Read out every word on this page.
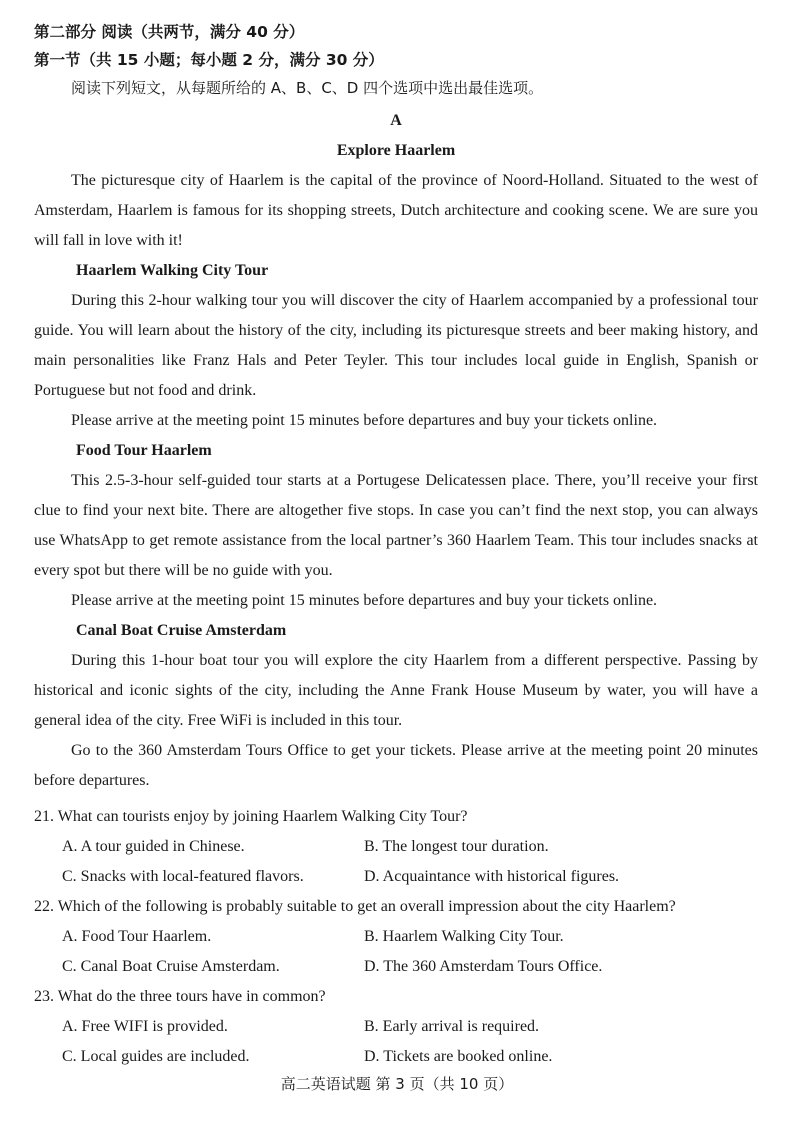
第二部分 阅读（共两节，满分 40 分）
第一节（共 15 小题；每小题 2 分，满分 30 分）
阅读下列短文，从每题所给的 A、B、C、D 四个选项中选出最佳选项。
A
Explore Haarlem

The picturesque city of Haarlem is the capital of the province of Noord-Holland. Situated to the west of Amsterdam, Haarlem is famous for its shopping streets, Dutch architecture and cooking scene. We are sure you will fall in love with it!

Haarlem Walking City Tour

During this 2-hour walking tour you will discover the city of Haarlem accompanied by a professional tour guide. You will learn about the history of the city, including its picturesque streets and beer making history, and main personalities like Franz Hals and Peter Teyler. This tour includes local guide in English, Spanish or Portuguese but not food and drink.

Please arrive at the meeting point 15 minutes before departures and buy your tickets online.

Food Tour Haarlem

This 2.5-3-hour self-guided tour starts at a Portugese Delicatessen place. There, you’ll receive your first clue to find your next bite. There are altogether five stops. In case you can’t find the next stop, you can always use WhatsApp to get remote assistance from the local partner’s 360 Haarlem Team. This tour includes snacks at every spot but there will be no guide with you.

Please arrive at the meeting point 15 minutes before departures and buy your tickets online.

Canal Boat Cruise Amsterdam

During this 1-hour boat tour you will explore the city Haarlem from a different perspective. Passing by historical and iconic sights of the city, including the Anne Frank House Museum by water, you will have a general idea of the city. Free WiFi is included in this tour.

Go to the 360 Amsterdam Tours Office to get your tickets. Please arrive at the meeting point 20 minutes before departures.

21. What can tourists enjoy by joining Haarlem Walking City Tour?
A. A tour guided in Chinese.	B. The longest tour duration.
C. Snacks with local-featured flavors.	D. Acquaintance with historical figures.
22. Which of the following is probably suitable to get an overall impression about the city Haarlem?
A. Food Tour Haarlem.	B. Haarlem Walking City Tour.
C. Canal Boat Cruise Amsterdam.	D. The 360 Amsterdam Tours Office.
23. What do the three tours have in common?
A. Free WIFI is provided.	B. Early arrival is required.
C. Local guides are included.	D. Tickets are booked online.
高二英语试题 第 3 页（共 10 页）
